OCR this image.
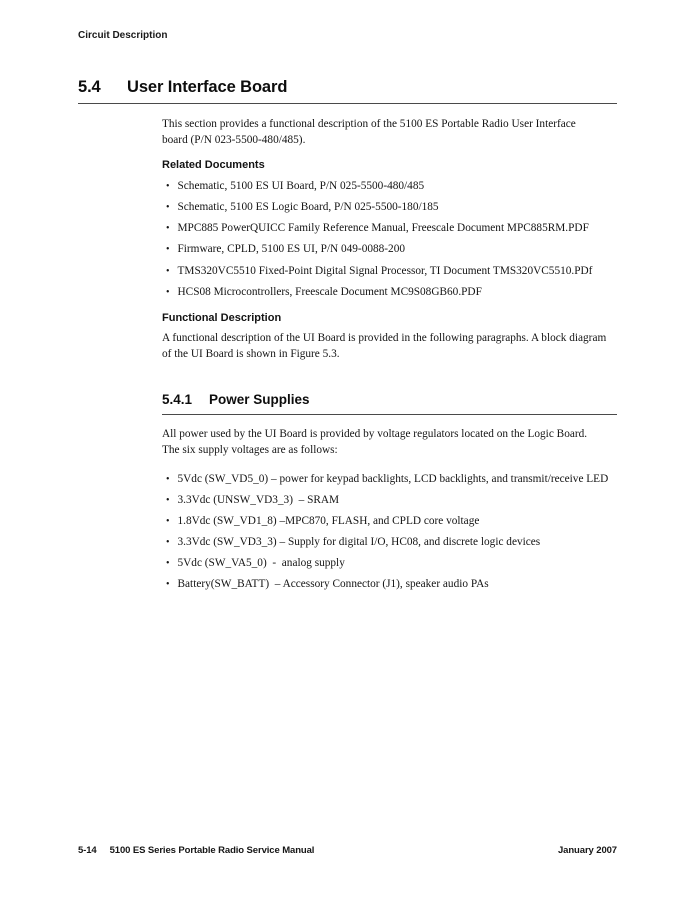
Circuit Description
5.4	User Interface Board

This section provides a functional description of the 5100 ES Portable Radio User Interface board (P/N 023-5500-480/485).

Related Documents
• Schematic, 5100 ES UI Board, P/N 025-5500-480/485
• Schematic, 5100 ES Logic Board, P/N 025-5500-180/185
• MPC885 PowerQUICC Family Reference Manual, Freescale Document MPC885RM.PDF
• Firmware, CPLD, 5100 ES UI, P/N 049-0088-200
• TMS320VC5510 Fixed-Point Digital Signal Processor, TI Document TMS320VC5510.PDf
• HCS08 Microcontrollers, Freescale Document MC9S08GB60.PDF
Functional Description

A functional description of the UI Board is provided in the following paragraphs. A block diagram of the UI Board is shown in Figure 5.3.

5.4.1	Power Supplies

All power used by the UI Board is provided by voltage regulators located on the Logic Board.   The six supply voltages are as follows:

• 5Vdc (SW_VD5_0) – power for keypad backlights, LCD backlights, and transmit/receive LED
• 3.3Vdc (UNSW_VD3_3)  – SRAM
• 1.8Vdc (SW_VD1_8) –MPC870, FLASH, and CPLD core voltage
• 3.3Vdc (SW_VD3_3) – Supply for digital I/O, HC08, and discrete logic devices
• 5Vdc (SW_VA5_0)  -  analog supply
• Battery(SW_BATT)  – Accessory Connector (J1), speaker audio PAs
5-14 5100 ES Series Portable Radio Service Manual	January 2007
